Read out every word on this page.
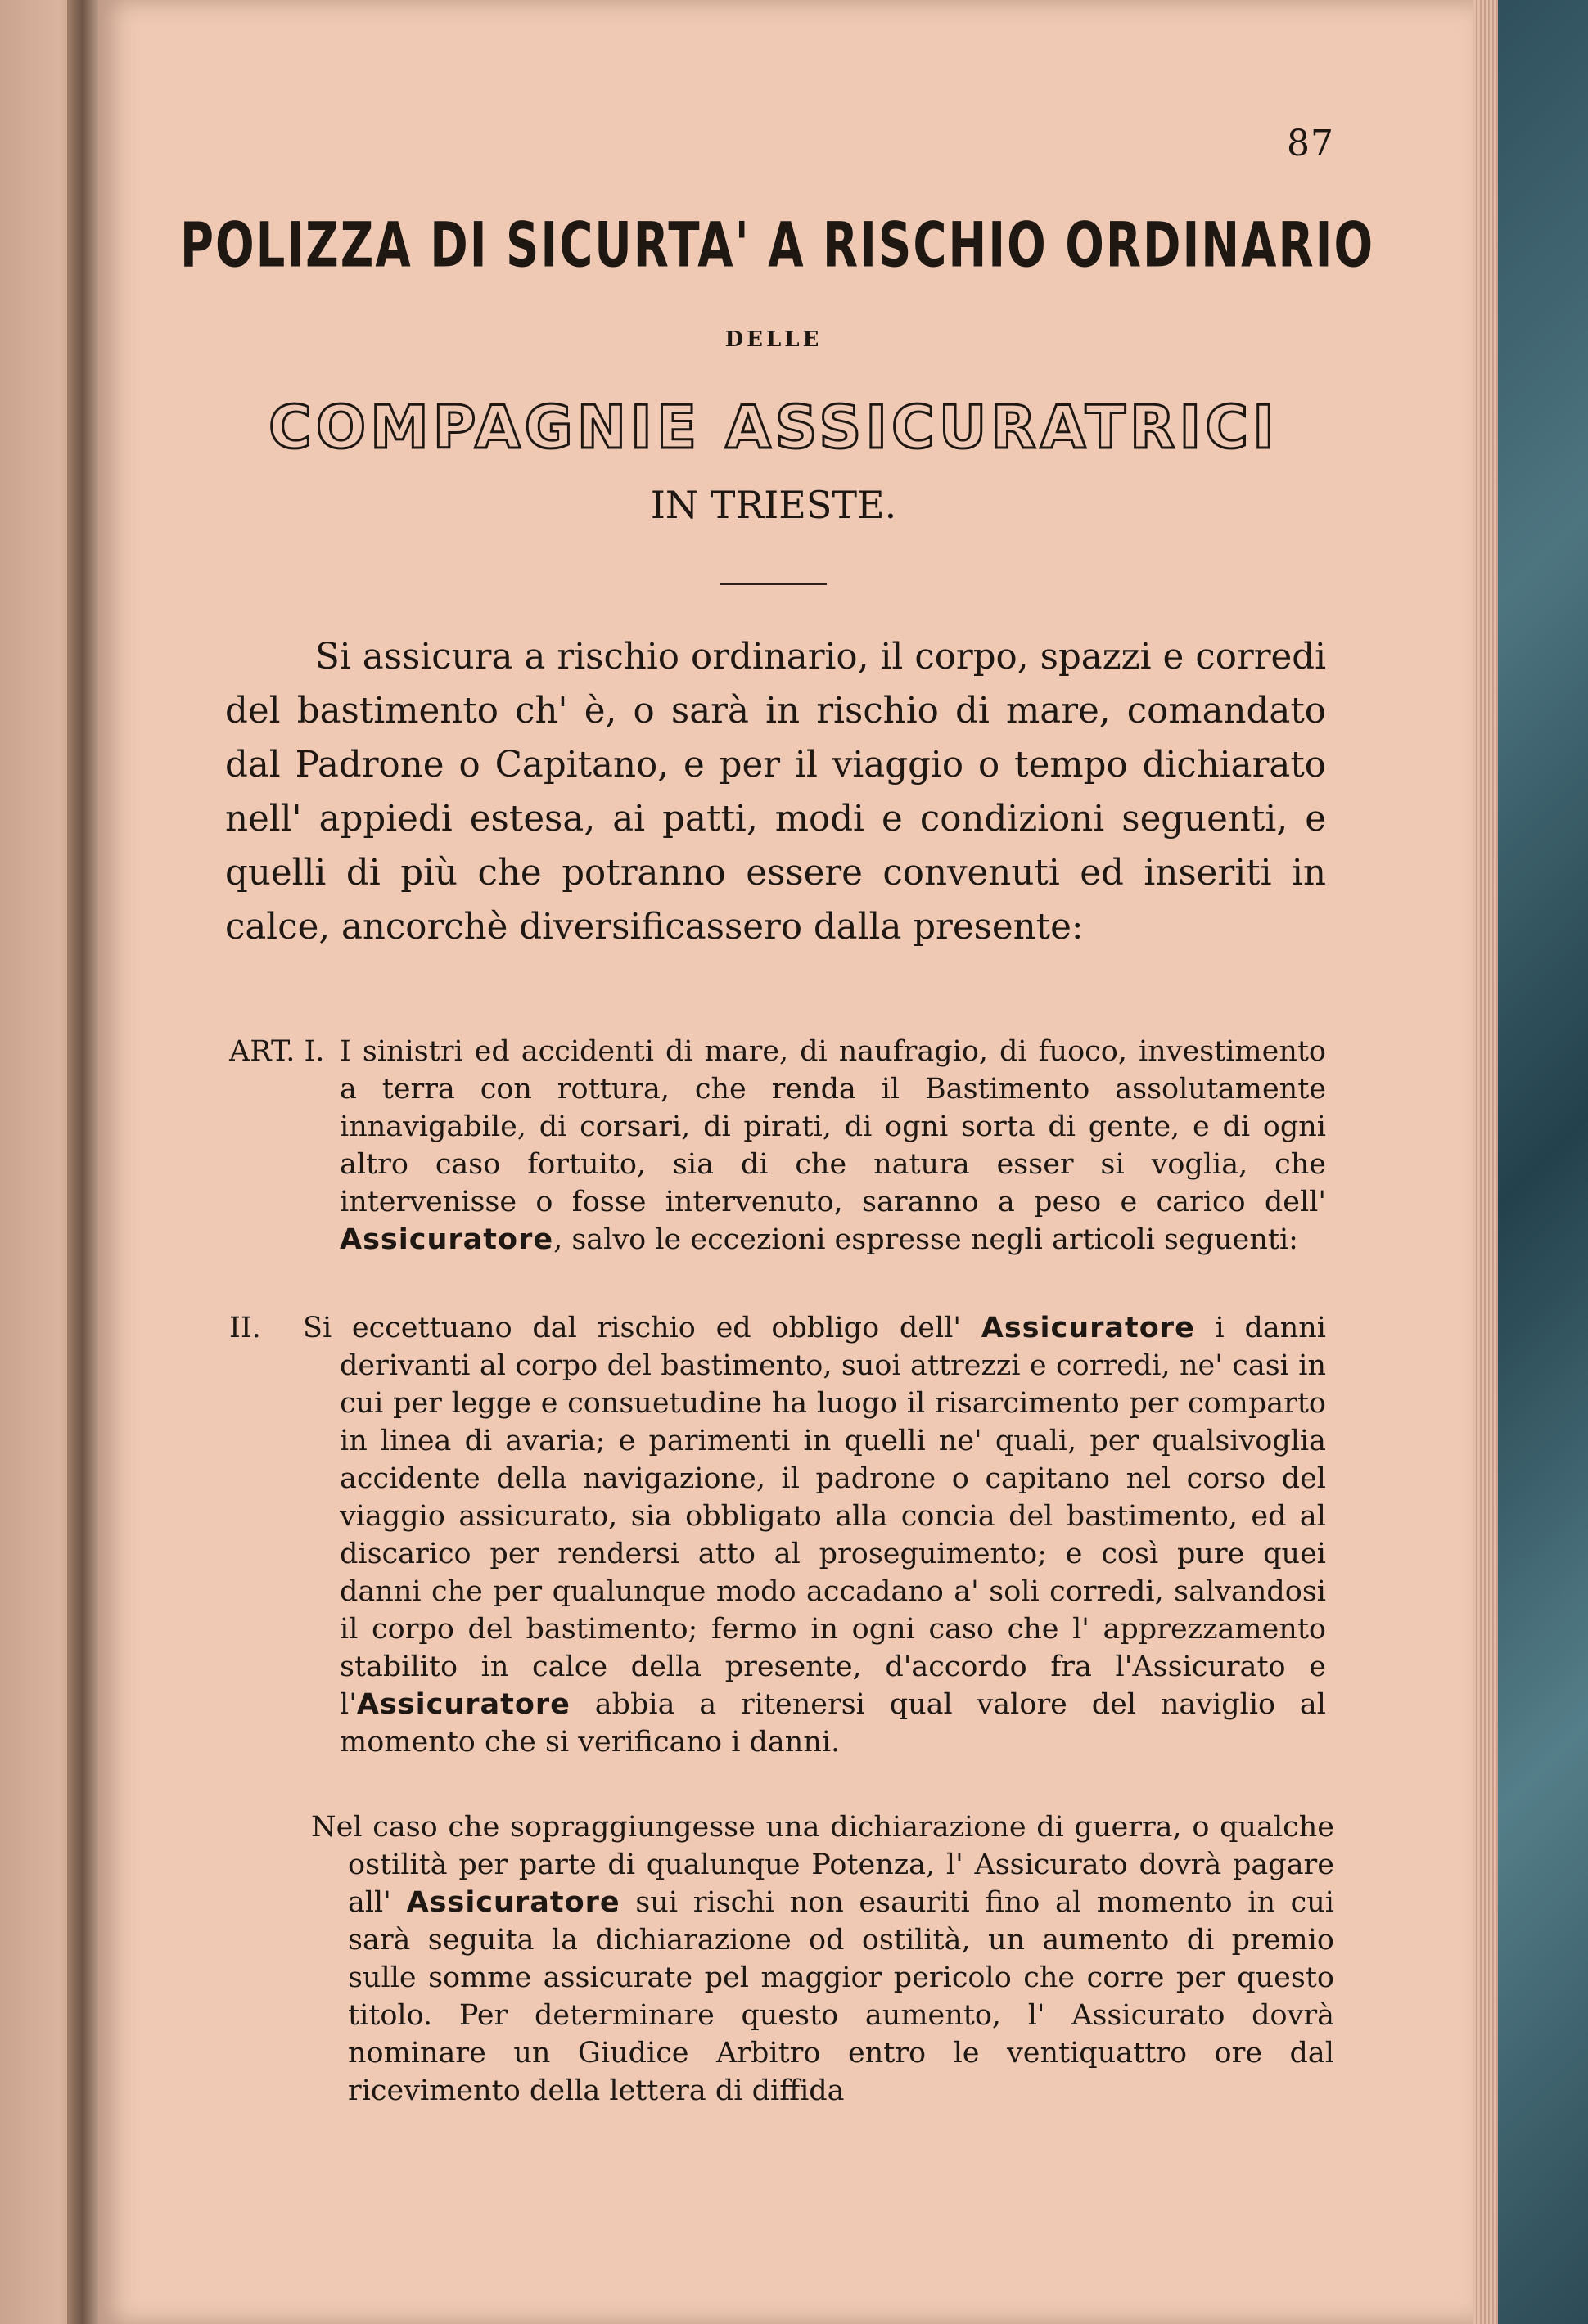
87
POLIZZA DI SICURTA' A RISCHIO ORDINARIO
DELLE
COMPAGNIE ASSICURATRICI
IN TRIESTE.
Si assicura a rischio ordinario, il corpo, spazzi e corredi del bastimento ch' è, o sarà in rischio di mare, comandato dal Padrone o Capitano, e per il viaggio o tempo dichiarato nell' appiedi estesa, ai patti, modi e condizioni seguenti, e quelli di più che potranno essere convenuti ed inseriti in calce, ancorchè diversificassero dalla presente:
ART. I. I sinistri ed accidenti di mare, di naufragio, di fuoco, investimento a terra con rottura, che renda il Bastimento assolutamente innavigabile, di corsari, di pirati, di ogni sorta di gente, e di ogni altro caso fortuito, sia di che natura esser si voglia, che intervenisse o fosse intervenuto, saranno a peso e carico dell' Assicuratore, salvo le eccezioni espresse negli articoli seguenti:
II.	Si eccettuano dal rischio ed obbligo dell' Assicuratore i danni derivanti al corpo del bastimento, suoi attrezzi e corredi, ne' casi in cui per legge e consuetudine ha luogo il risarcimento per comparto in linea di avaria; e parimenti in quelli ne' quali, per qualsivoglia accidente della navigazione, il padrone o capitano nel corso del viaggio assicurato, sia obbligato alla concia del bastimento, ed al discarico per rendersi atto al proseguimento; e così pure quei danni che per qualunque modo accadano a' soli corredi, salvandosi il corpo del bastimento; fermo in ogni caso che l' apprezzamento stabilito in calce della presente, d'accordo fra l'Assicurato e l'Assicuratore abbia a ritenersi qual valore del naviglio al momento che si verificano i danni.
Nel caso che sopraggiungesse una dichiarazione di guerra, o qualche ostilità per parte di qualunque Potenza, l' Assicurato dovrà pagare all' Assicuratore sui rischi non esauriti fino al momento in cui sarà seguita la dichiarazione od ostilità, un aumento di premio sulle somme assicurate pel maggior pericolo che corre per questo titolo. Per determinare questo aumento, l' Assicurato dovrà nominare un Giudice Arbitro entro le ventiquattro ore dal ricevimento della lettera di diffida
